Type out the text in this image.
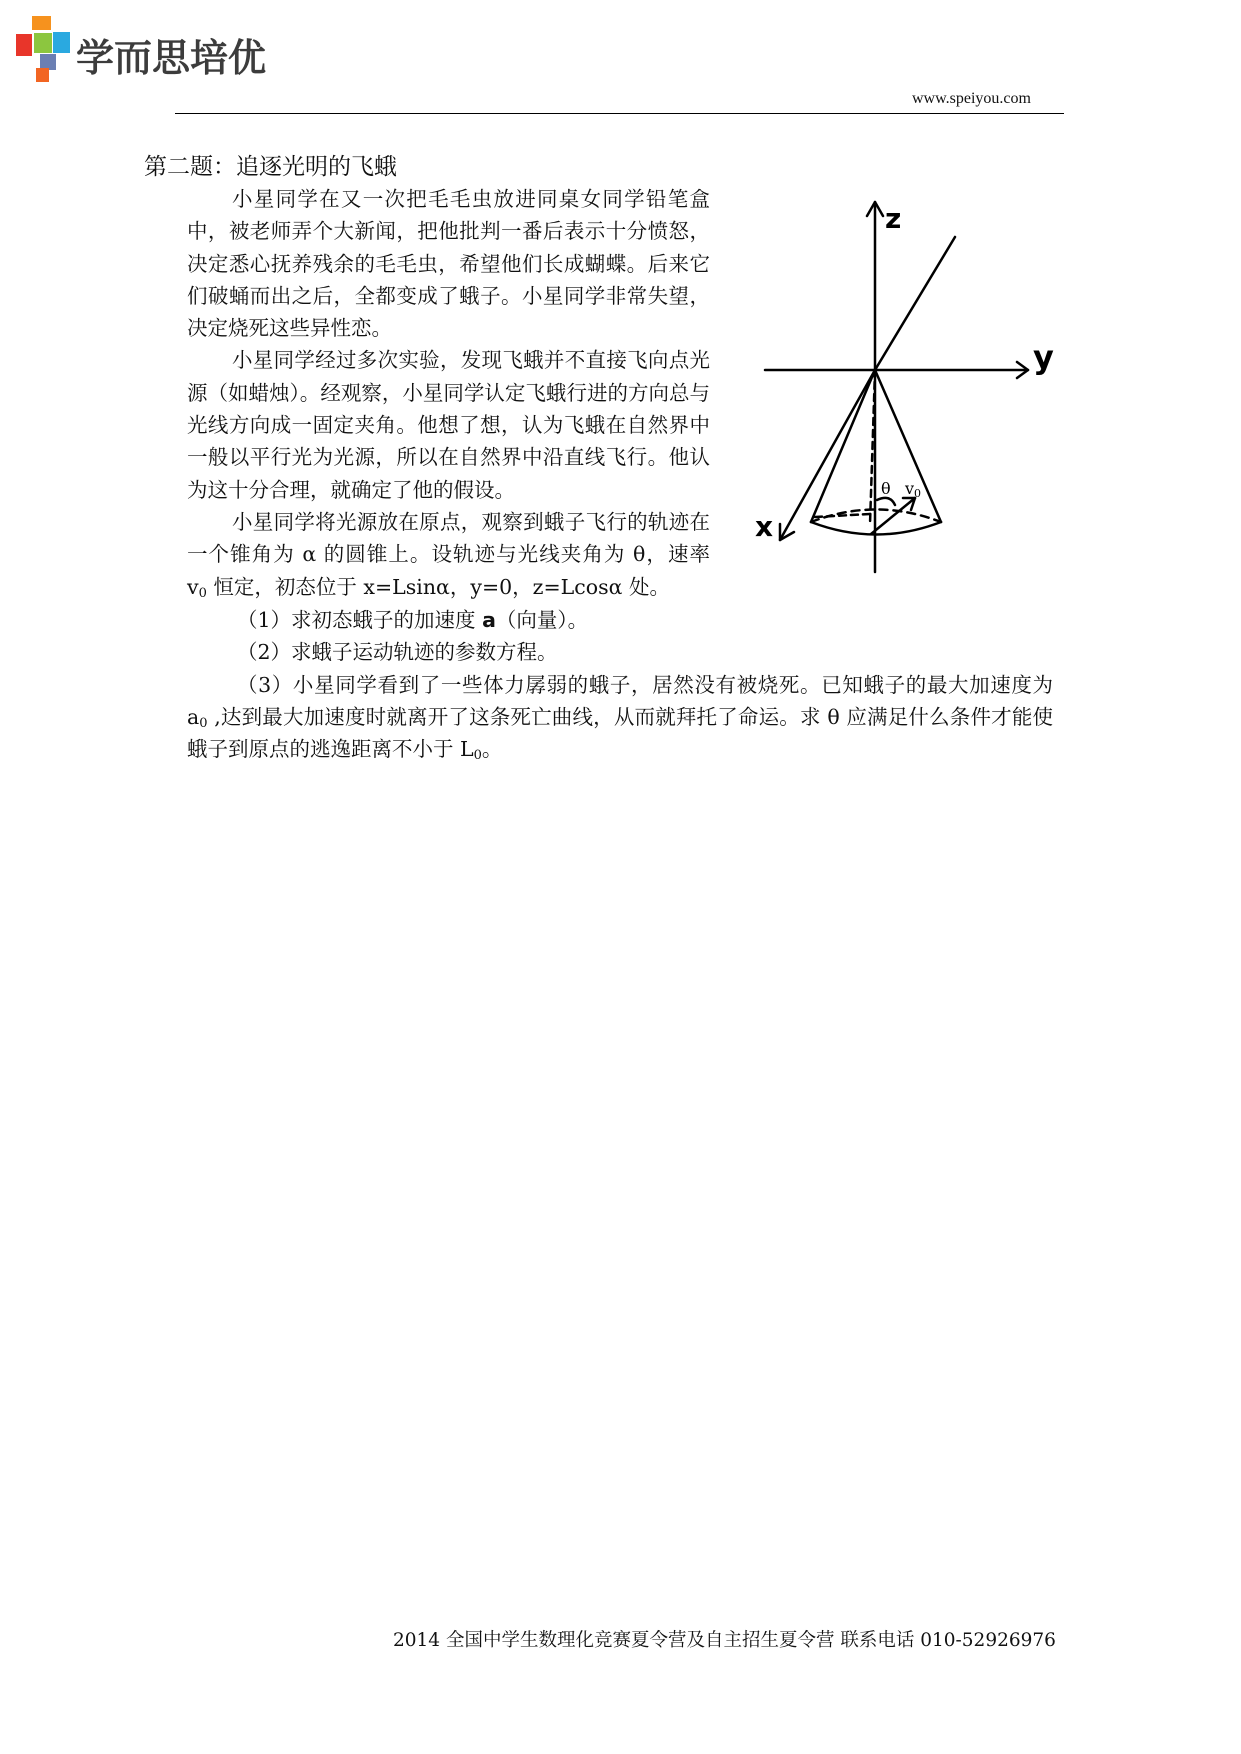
学而思培优
www.speiyou.com
第二题：追逐光明的飞蛾

小星同学在又一次把毛毛虫放进同桌女同学铅笔盒中，被老师弄个大新闻，把他批判一番后表示十分愤怒，决定悉心抚养残余的毛毛虫，希望他们长成蝴蝶。后来它们破蛹而出之后，全都变成了蛾子。小星同学非常失望，决定烧死这些异性恋。

小星同学经过多次实验，发现飞蛾并不直接飞向点光源（如蜡烛）。经观察，小星同学认定飞蛾行进的方向总与光线方向成一固定夹角。他想了想，认为飞蛾在自然界中一般以平行光为光源，所以在自然界中沿直线飞行。他认为这十分合理，就确定了他的假设。

小星同学将光源放在原点，观察到蛾子飞行的轨迹在一个锥角为 α 的圆锥上。设轨迹与光线夹角为 θ，速率 $v_0$ 恒定，初态位于 x=Lsinα，y=0，z=Lcosα 处。

（1）求初态蛾子的加速度 a（向量）。

（2）求蛾子运动轨迹的参数方程。

（3）小星同学看到了一些体力孱弱的蛾子，居然没有被烧死。已知蛾子的最大加速度为 $a_0$ ,达到最大加速度时就离开了这条死亡曲线，从而就拜托了命运。求 θ 应满足什么条件才能使蛾子到原点的逃逸距离不小于 $L_0$。

z
y
x
θ v0
2014 全国中学生数理化竞赛夏令营及自主招生夏令营 联系电话 010-52926976
